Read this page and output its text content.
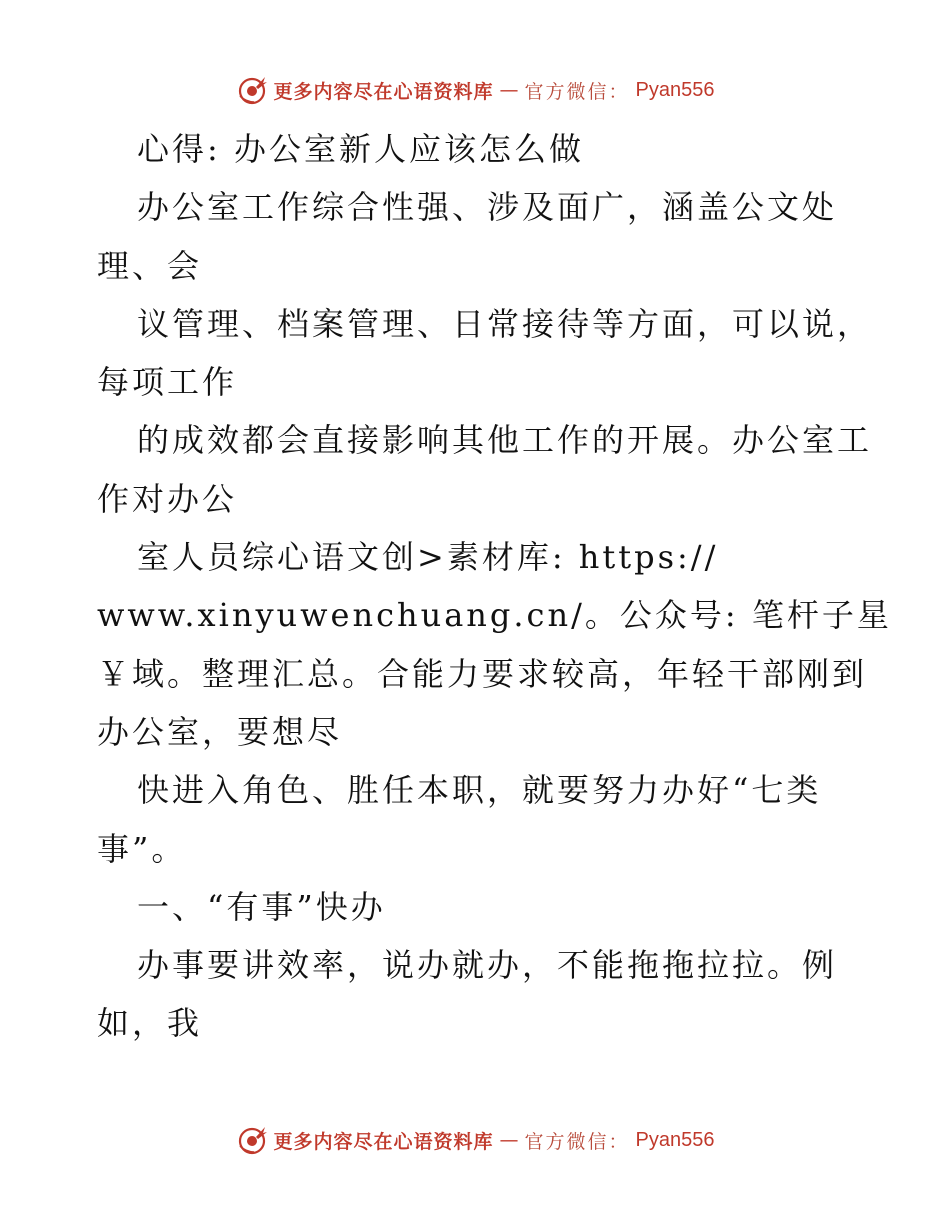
更多内容尽在心语资料库 — 官方微信： Pyan556
心得: 办公室新人应该怎么做
办公室工作综合性强、涉及面广，涵盖公文处
理、会
议管理、档案管理、日常接待等方面，可以说，
每项工作
的成效都会直接影响其他工作的开展。办公室工
作对办公
室人员综心语文创>素材库: https://
www.xinyuwenchuang.cn/。公众号: 笔杆子星
￥域。整理汇总。合能力要求较高，年轻干部刚到
办公室，要想尽
快进入角色、胜任本职，就要努力办好“七类
事”。
一、“有事”快办
办事要讲效率，说办就办，不能拖拖拉拉。例
如，我
更多内容尽在心语资料库 — 官方微信： Pyan556
